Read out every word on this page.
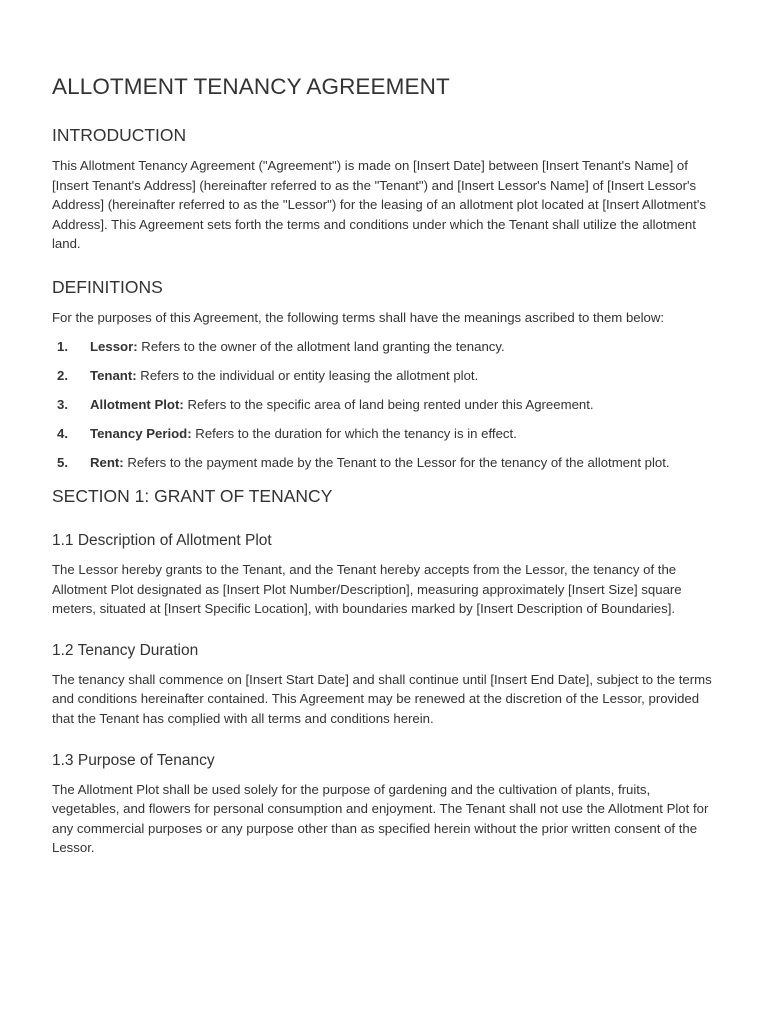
ALLOTMENT TENANCY AGREEMENT
INTRODUCTION

This Allotment Tenancy Agreement ("Agreement") is made on [Insert Date] between [Insert Tenant's Name] of [Insert Tenant's Address] (hereinafter referred to as the "Tenant") and [Insert Lessor's Name] of [Insert Lessor's Address] (hereinafter referred to as the "Lessor") for the leasing of an allotment plot located at [Insert Allotment's Address]. This Agreement sets forth the terms and conditions under which the Tenant shall utilize the allotment land.

DEFINITIONS

For the purposes of this Agreement, the following terms shall have the meanings ascribed to them below:

1. Lessor: Refers to the owner of the allotment land granting the tenancy.
2. Tenant: Refers to the individual or entity leasing the allotment plot.
3. Allotment Plot: Refers to the specific area of land being rented under this Agreement.
4. Tenancy Period: Refers to the duration for which the tenancy is in effect.
5. Rent: Refers to the payment made by the Tenant to the Lessor for the tenancy of the allotment plot.
SECTION 1: GRANT OF TENANCY
1.1 Description of Allotment Plot

The Lessor hereby grants to the Tenant, and the Tenant hereby accepts from the Lessor, the tenancy of the Allotment Plot designated as [Insert Plot Number/Description], measuring approximately [Insert Size] square meters, situated at [Insert Specific Location], with boundaries marked by [Insert Description of Boundaries].

1.2 Tenancy Duration

The tenancy shall commence on [Insert Start Date] and shall continue until [Insert End Date], subject to the terms and conditions hereinafter contained. This Agreement may be renewed at the discretion of the Lessor, provided that the Tenant has complied with all terms and conditions herein.

1.3 Purpose of Tenancy

The Allotment Plot shall be used solely for the purpose of gardening and the cultivation of plants, fruits, vegetables, and flowers for personal consumption and enjoyment. The Tenant shall not use the Allotment Plot for any commercial purposes or any purpose other than as specified herein without the prior written consent of the Lessor.
